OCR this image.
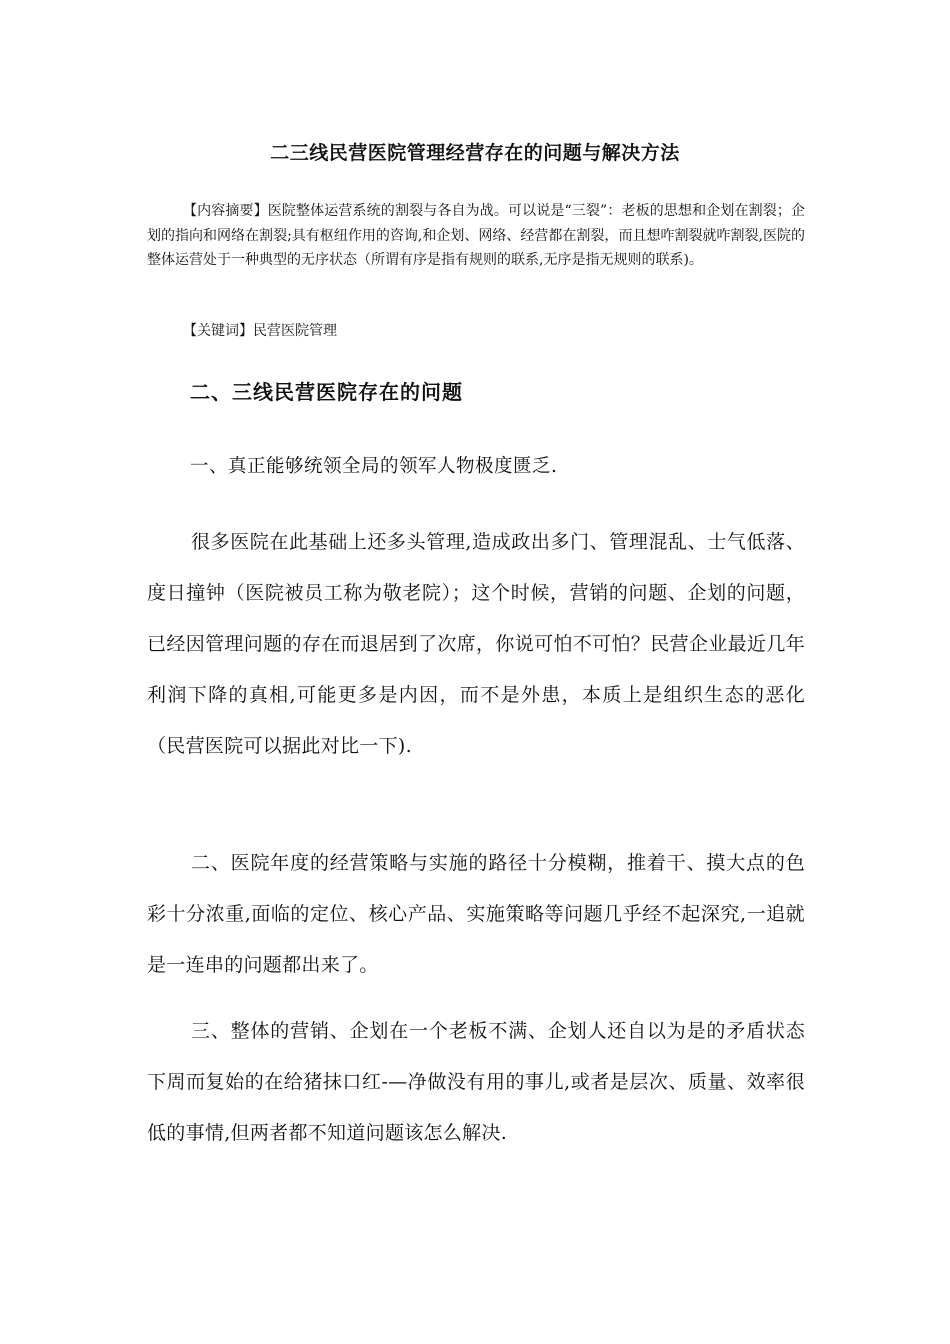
二三线民营医院管理经营存在的问题与解决方法

【内容摘要】医院整体运营系统的割裂与各自为战。可以说是“三裂”：老板的思想和企划在割裂；企划的指向和网络在割裂;具有枢纽作用的咨询,和企划、网络、经营都在割裂，而且想咋割裂就咋割裂,医院的整体运营处于一种典型的无序状态（所谓有序是指有规则的联系,无序是指无规则的联系)。

【关键词】民营医院管理

二、三线民营医院存在的问题

一、真正能够统领全局的领军人物极度匮乏.

很多医院在此基础上还多头管理,造成政出多门、管理混乱、士气低落、度日撞钟（医院被员工称为敬老院）；这个时候，营销的问题、企划的问题，已经因管理问题的存在而退居到了次席，你说可怕不可怕？民营企业最近几年利润下降的真相,可能更多是内因，而不是外患，本质上是组织生态的恶化（民营医院可以据此对比一下).

二、医院年度的经营策略与实施的路径十分模糊，推着干、摸大点的色彩十分浓重,面临的定位、核心产品、实施策略等问题几乎经不起深究,一追就是一连串的问题都出来了。

三、整体的营销、企划在一个老板不满、企划人还自以为是的矛盾状态下周而复始的在给猪抹口红-—净做没有用的事儿,或者是层次、质量、效率很低的事情,但两者都不知道问题该怎么解决.
